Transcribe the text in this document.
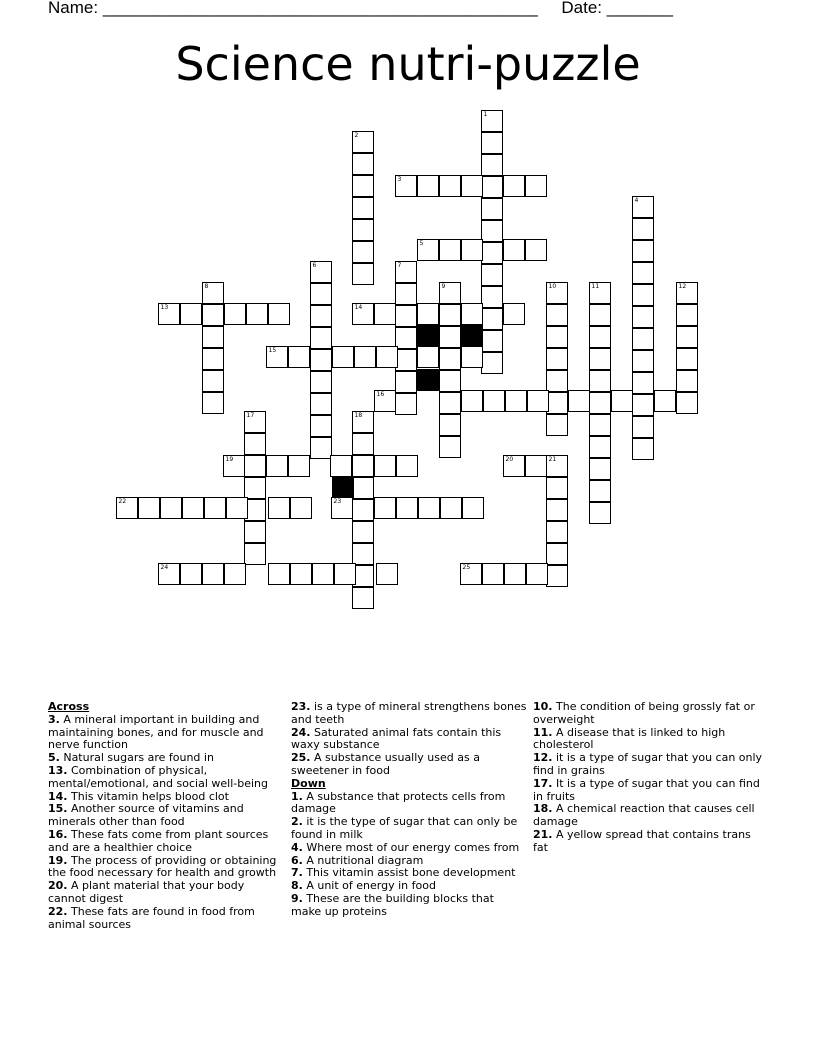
Name: ______________________________________________ Date: _______
Science nutri-puzzle
1
2
3
4
5
6	7
8	9	10	11	12
13	14
15
16
17	18
19	20	21
22	23
24	25
Across
3. A mineral important in building and maintaining bones, and for muscle and nerve function
5. Natural sugars are found in
13. Combination of physical, mental/emotional, and social well-being
14. This vitamin helps blood clot
15. Another source of vitamins and minerals other than food
16. These fats come from plant sources and are a healthier choice
19. The process of providing or obtaining the food necessary for health and growth
20. A plant material that your body cannot digest
22. These fats are found in food from animal sources
23. is a type of mineral strengthens bones and teeth
24. Saturated animal fats contain this waxy substance
25. A substance usually used as a sweetener in food
Down
1. A substance that protects cells from damage
2. it is the type of sugar that can only be found in milk
4. Where most of our energy comes from
6. A nutritional diagram
7. This vitamin assist bone development
8. A unit of energy in food
9. These are the building blocks that make up proteins
10. The condition of being grossly fat or overweight
11. A disease that is linked to high cholesterol
12. it is a type of sugar that you can only find in grains
17. It is a type of sugar that you can find in fruits
18. A chemical reaction that causes cell damage
21. A yellow spread that contains trans fat
